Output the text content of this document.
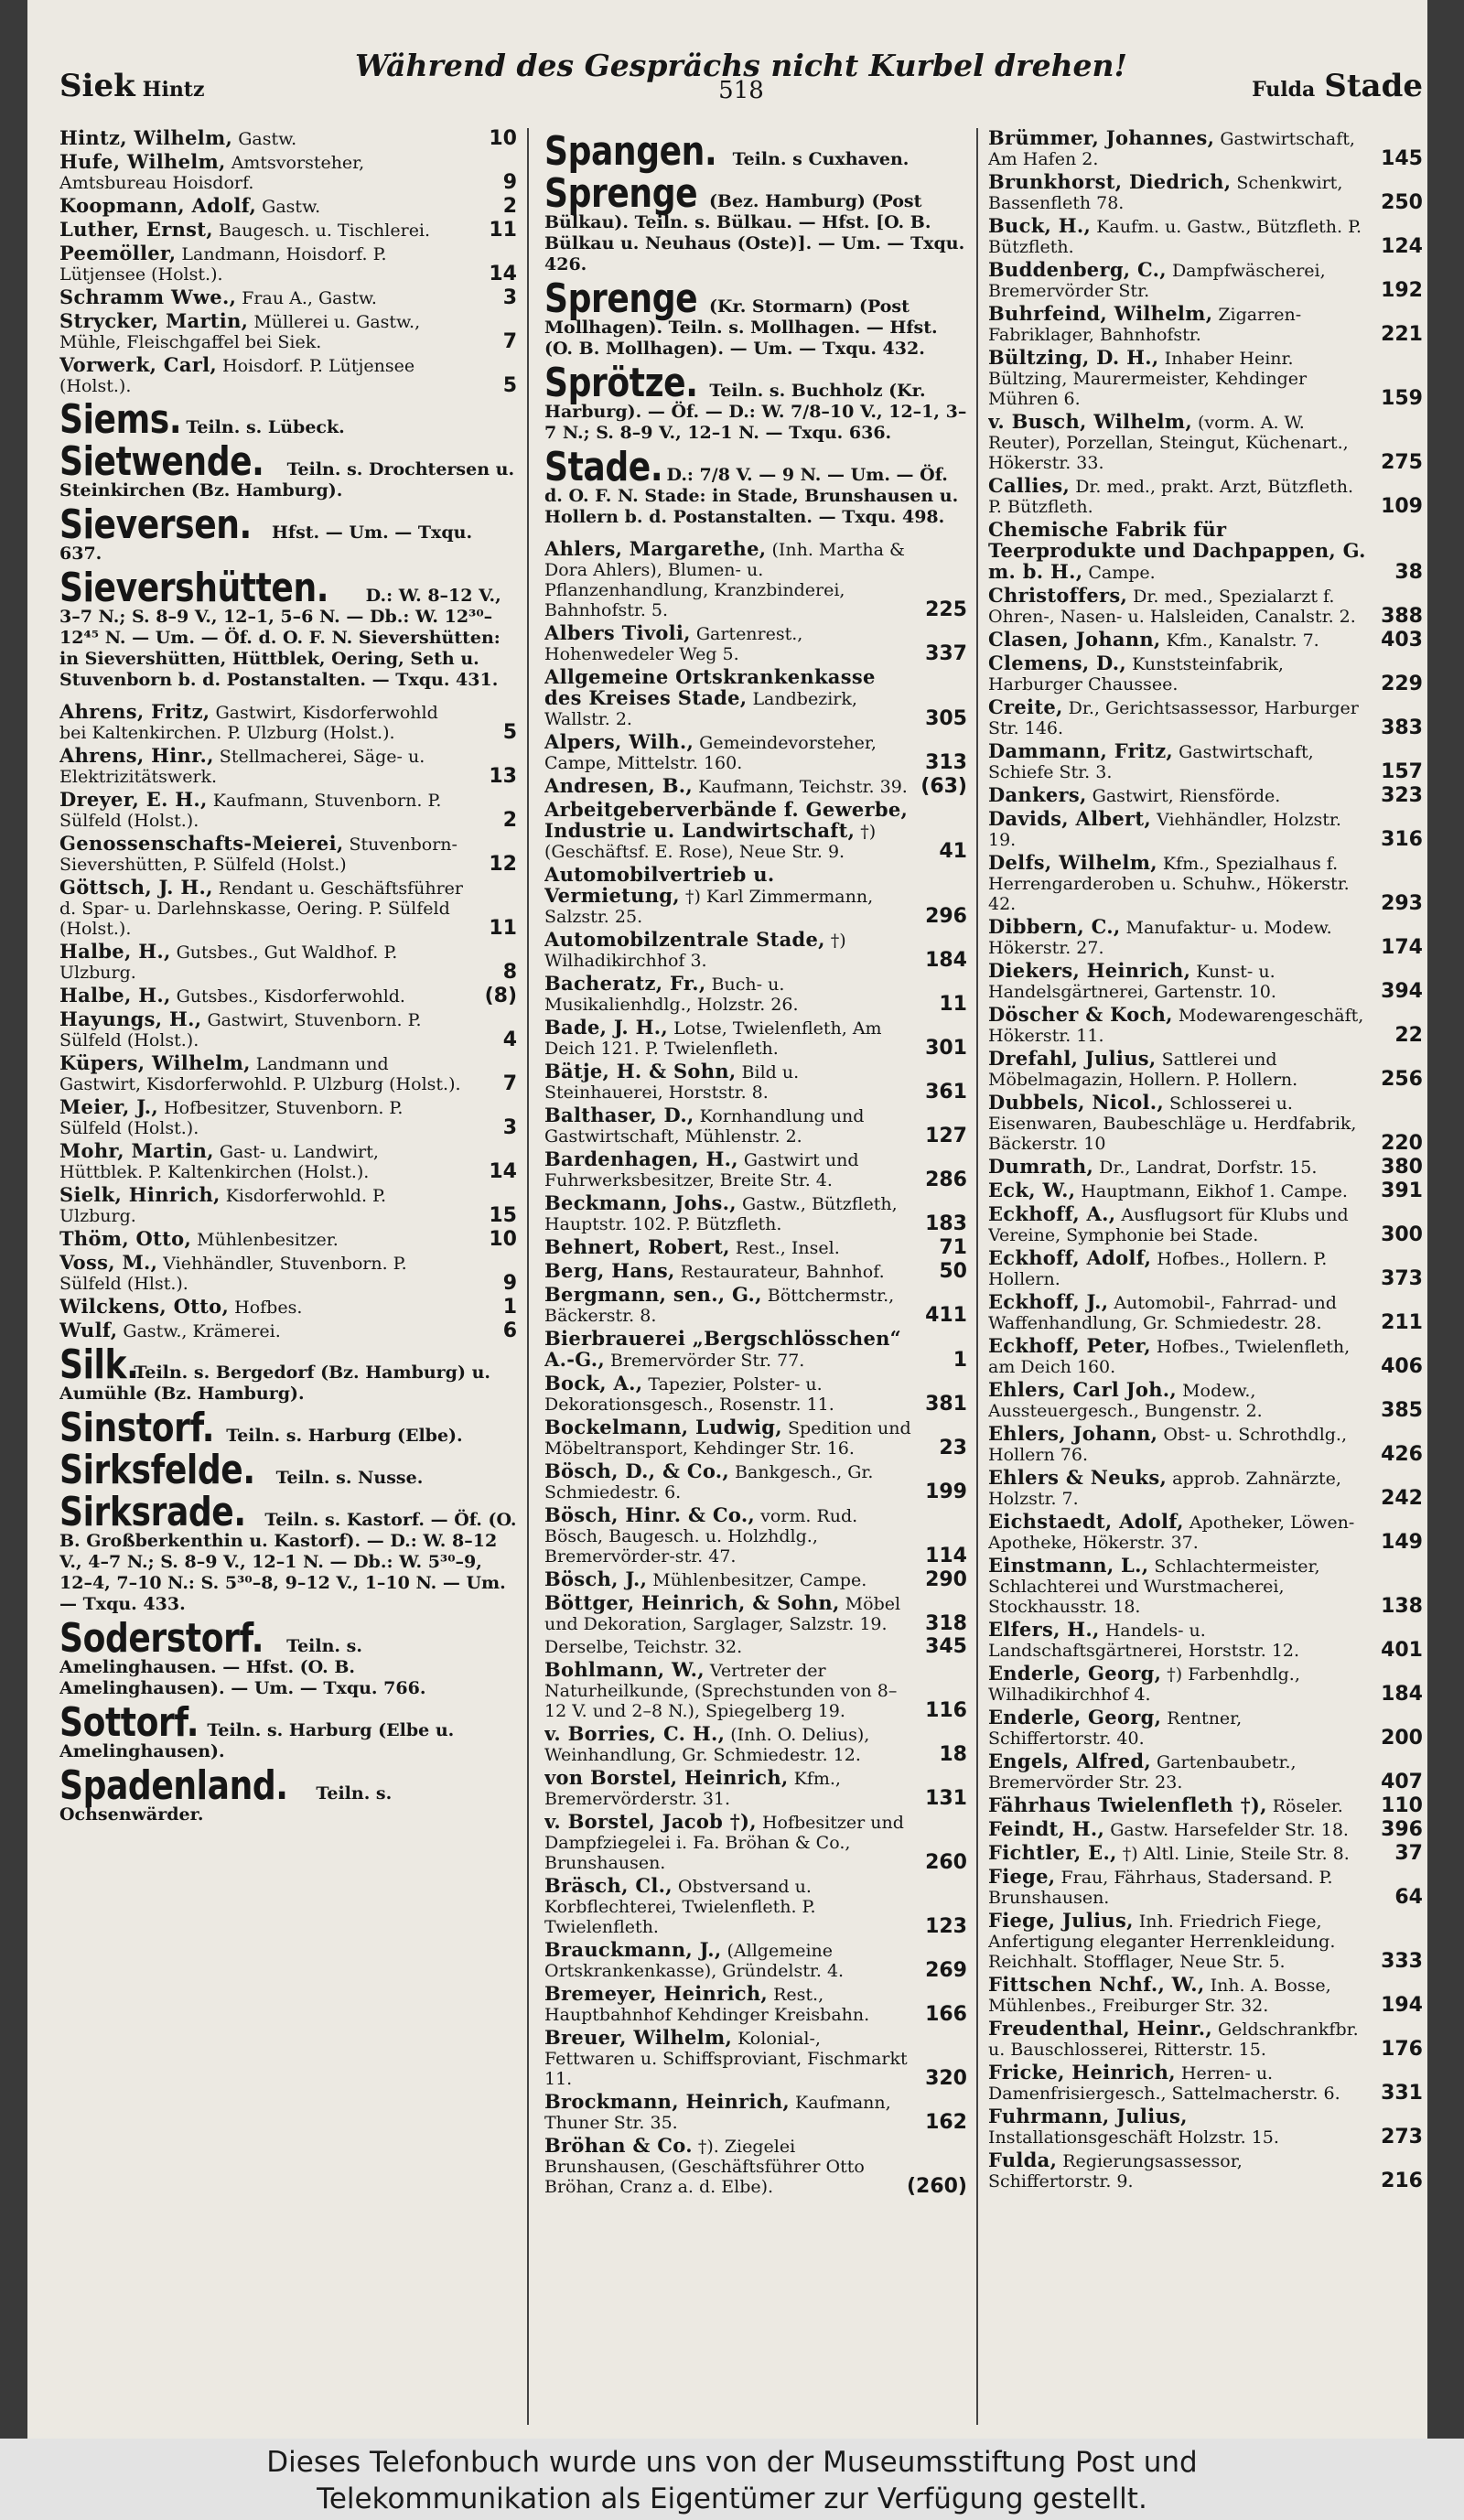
Siek Hintz
Während des Gesprächs nicht Kurbel drehen!
518	Fulda Stade
Hintz, Wilhelm, Gastw.	10
Hufe, Wilhelm, Amtsvorsteher, Amtsbureau Hoisdorf.	9
Koopmann, Adolf, Gastw.	2
Luther, Ernst, Baugesch. u. Tischlerei.	11
Peemöller, Landmann, Hoisdorf. P. Lütjensee (Holst.).	14
Schramm Wwe., Frau A., Gastw.	3
Strycker, Martin, Müllerei u. Gastw., Mühle, Fleischgaffel bei Siek.	7
Vorwerk, Carl, Hoisdorf. P. Lütjensee (Holst.).	5
Siems. Teiln. s. Lübeck.
Sietwende. Teiln. s. Drochtersen u. Steinkirchen (Bz. Hamburg).
Sieversen. Hfst. — Um. — Txqu. 637.
Sievershütten. D.: W. 8–12 V., 3–7 N.; S. 8–9 V., 12–1, 5–6 N. — Db.: W. 12³⁰–12⁴⁵ N. — Um. — Öf. d. O. F. N. Sievershütten: in Sievershütten, Hüttblek, Oering, Seth u. Stuvenborn b. d. Postanstalten. — Txqu. 431.
Ahrens, Fritz, Gastwirt, Kisdorferwohld bei Kaltenkirchen. P. Ulzburg (Holst.).	5
Ahrens, Hinr., Stellmacherei, Säge- u. Elektrizitätswerk.	13
Dreyer, E. H., Kaufmann, Stuvenborn. P. Sülfeld (Holst.).	2
Genossenschafts-Meierei, Stuvenborn-Sievershütten, P. Sülfeld (Holst.)	12
Göttsch, J. H., Rendant u. Geschäftsführer d. Spar- u. Darlehnskasse, Oering. P. Sülfeld (Holst.).	11
Halbe, H., Gutsbes., Gut Waldhof. P. Ulzburg.	8
Halbe, H., Gutsbes., Kisdorferwohld.	(8)
Hayungs, H., Gastwirt, Stuvenborn. P. Sülfeld (Holst.).	4
Küpers, Wilhelm, Landmann und Gastwirt, Kisdorferwohld. P. Ulzburg (Holst.). 7
Meier, J., Hofbesitzer, Stuvenborn. P. Sülfeld (Holst.).	3
Mohr, Martin, Gast- u. Landwirt, Hüttblek. P. Kaltenkirchen (Holst.).	14
Sielk, Hinrich, Kisdorferwohld. P. Ulzburg.	15
Thöm, Otto, Mühlenbesitzer.	10
Voss, M., Viehhändler, Stuvenborn. P. Sülfeld (Hlst.).	9
Wilckens, Otto, Hofbes.	1
Wulf, Gastw., Krämerei.	6
Silk. Teiln. s. Bergedorf (Bz. Hamburg) u. Aumühle (Bz. Hamburg).
Sinstorf. Teiln. s. Harburg (Elbe).
Sirksfelde. Teiln. s. Nusse.
Sirksrade. Teiln. s. Kastorf. — Öf. (O. B. Großberkenthin u. Kastorf). — D.: W. 8–12 V., 4–7 N.; S. 8–9 V., 12–1 N. — Db.: W. 5³⁰–9, 12–4, 7–10 N.: S. 5³⁰–8, 9–12 V., 1–10 N. — Um. — Txqu. 433.
Soderstorf. Teiln. s. Amelinghausen. — Hfst. (O. B. Amelinghausen). — Um. — Txqu. 766.
Sottorf. Teiln. s. Harburg (Elbe u. Amelinghausen).
Spadenland. Teiln. s. Ochsenwärder.
Spangen. Teiln. s Cuxhaven.
Sprenge (Bez. Hamburg) (Post Bülkau). Teiln. s. Bülkau. — Hfst. [O. B. Bülkau u. Neuhaus (Oste)]. — Um. — Txqu. 426.
Sprenge (Kr. Stormarn) (Post Mollhagen). Teiln. s. Mollhagen. — Hfst. (O. B. Mollhagen). — Um. — Txqu. 432.
Sprötze. Teiln. s. Buchholz (Kr. Harburg). — Öf. — D.: W. 7/8–10 V., 12–1, 3–7 N.; S. 8–9 V., 12–1 N. — Txqu. 636.
Stade. D.: 7/8 V. — 9 N. — Um. — Öf. d. O. F. N. Stade: in Stade, Brunshausen u. Hollern b. d. Postanstalten. — Txqu. 498.
Ahlers, Margarethe, (Inh. Martha & Dora Ahlers), Blumen- u. Pflanzenhandlung, Kranzbinderei, Bahnhofstr. 5.	225
Albers Tivoli, Gartenrest., Hohenwedeler Weg 5.	337
Allgemeine Ortskrankenkasse des Kreises Stade, Landbezirk, Wallstr. 2.	305
Alpers, Wilh., Gemeindevorsteher, Campe, Mittelstr. 160.	313
Andresen, B., Kaufmann, Teichstr. 39. (63)
Arbeitgeberverbände f. Gewerbe, Industrie u. Landwirtschaft, †) (Geschäftsf. E. Rose), Neue Str. 9.	41
Automobilvertrieb u. Vermietung, †) Karl Zimmermann, Salzstr. 25.	296
Automobilzentrale Stade, †) Wilhadikirchhof 3.	184
Bacheratz, Fr., Buch- u. Musikalienhdlg., Holzstr. 26.	11
Bade, J. H., Lotse, Twielenfleth, Am Deich 121. P. Twielenfleth.	301
Bätje, H. & Sohn, Bild u. Steinhauerei, Horststr. 8.	361
Balthaser, D., Kornhandlung und Gastwirtschaft, Mühlenstr. 2.	127
Bardenhagen, H., Gastwirt und Fuhrwerksbesitzer, Breite Str. 4.	286
Beckmann, Johs., Gastw., Bützfleth, Hauptstr. 102. P. Bützfleth.	183
Behnert, Robert, Rest., Insel.	71
Berg, Hans, Restaurateur, Bahnhof.	50
Bergmann, sen., G., Böttchermstr., Bäckerstr. 8.	411
Bierbrauerei „Bergschlösschen“ A.-G., Bremervörder Str. 77.	1
Bock, A., Tapezier, Polster- u. Dekorationsgesch., Rosenstr. 11.	381
Bockelmann, Ludwig, Spedition und Möbeltransport, Kehdinger Str. 16.	23
Bösch, D., & Co., Bankgesch., Gr. Schmiedestr. 6.	199
Bösch, Hinr. & Co., vorm. Rud. Bösch, Baugesch. u. Holzhdlg., Bremervörder-str. 47.	114
Bösch, J., Mühlenbesitzer, Campe.	290
Böttger, Heinrich, & Sohn, Möbel und Dekoration, Sarglager, Salzstr. 19. 318
Derselbe, Teichstr. 32.	345
Bohlmann, W., Vertreter der Naturheilkunde, (Sprechstunden von 8–12 V. und 2–8 N.), Spiegelberg 19.	116
v. Borries, C. H., (Inh. O. Delius), Weinhandlung, Gr. Schmiedestr. 12.	18
von Borstel, Heinrich, Kfm., Bremervörderstr. 31.	131
v. Borstel, Jacob †), Hofbesitzer und Dampfziegelei i. Fa. Bröhan & Co., Brunshausen.	260
Bräsch, Cl., Obstversand u. Korbflechterei, Twielenfleth. P. Twielenfleth.	123
Brauckmann, J., (Allgemeine Ortskrankenkasse), Gründelstr. 4.	269
Bremeyer, Heinrich, Rest., Hauptbahnhof Kehdinger Kreisbahn.	166
Breuer, Wilhelm, Kolonial-, Fettwaren u. Schiffsproviant, Fischmarkt 11.	320
Brockmann, Heinrich, Kaufmann, Thuner Str. 35.	162
Bröhan & Co. †). Ziegelei Brunshausen, (Geschäftsführer Otto Bröhan, Cranz a. d. Elbe).	(260)
Brümmer, Johannes, Gastwirtschaft, Am Hafen 2.	145
Brunkhorst, Diedrich, Schenkwirt, Bassenfleth 78.	250
Buck, H., Kaufm. u. Gastw., Bützfleth. P. Bützfleth.	124
Buddenberg, C., Dampfwäscherei, Bremervörder Str.	192
Buhrfeind, Wilhelm, Zigarren-Fabriklager, Bahnhofstr.	221
Bültzing, D. H., Inhaber Heinr. Bültzing, Maurermeister, Kehdinger Mühren 6.	159
v. Busch, Wilhelm, (vorm. A. W. Reuter), Porzellan, Steingut, Küchenart., Hökerstr. 33.	275
Callies, Dr. med., prakt. Arzt, Bützfleth. P. Bützfleth.	109
Chemische Fabrik für Teerprodukte und Dachpappen, G. m. b. H., Campe.	38
Christoffers, Dr. med., Spezialarzt f. Ohren-, Nasen- u. Halsleiden, Canalstr. 2. 388
Clasen, Johann, Kfm., Kanalstr. 7.	403
Clemens, D., Kunststeinfabrik, Harburger Chaussee.	229
Creite, Dr., Gerichtsassessor, Harburger Str. 146.	383
Dammann, Fritz, Gastwirtschaft, Schiefe Str. 3.	157
Dankers, Gastwirt, Riensförde.	323
Davids, Albert, Viehhändler, Holzstr. 19.	316
Delfs, Wilhelm, Kfm., Spezialhaus f. Herrengarderoben u. Schuhw., Hökerstr. 42.	293
Dibbern, C., Manufaktur- u. Modew. Hökerstr. 27.	174
Diekers, Heinrich, Kunst- u. Handelsgärtnerei, Gartenstr. 10.	394
Döscher & Koch, Modewarengeschäft, Hökerstr. 11.	22
Drefahl, Julius, Sattlerei und Möbelmagazin, Hollern. P. Hollern.	256
Dubbels, Nicol., Schlosserei u. Eisenwaren, Baubeschläge u. Herdfabrik, Bäckerstr. 10	220
Dumrath, Dr., Landrat, Dorfstr. 15.	380
Eck, W., Hauptmann, Eikhof 1. Campe. 391
Eckhoff, A., Ausflugsort für Klubs und Vereine, Symphonie bei Stade.	300
Eckhoff, Adolf, Hofbes., Hollern. P. Hollern.	373
Eckhoff, J., Automobil-, Fahrrad- und Waffenhandlung, Gr. Schmiedestr. 28.	211
Eckhoff, Peter, Hofbes., Twielenfleth, am Deich 160.	406
Ehlers, Carl Joh., Modew., Aussteuergesch., Bungenstr. 2.	385
Ehlers, Johann, Obst- u. Schrothdlg., Hollern 76.	426
Ehlers & Neuks, approb. Zahnärzte, Holzstr. 7.	242
Eichstaedt, Adolf, Apotheker, Löwen-Apotheke, Hökerstr. 37.	149
Einstmann, L., Schlachtermeister, Schlachterei und Wurstmacherei, Stockhausstr. 18.	138
Elfers, H., Handels- u. Landschaftsgärtnerei, Horststr. 12.	401
Enderle, Georg, †) Farbenhdlg., Wilhadikirchhof 4.	184
Enderle, Georg, Rentner, Schiffertorstr. 40.	200
Engels, Alfred, Gartenbaubetr., Bremervörder Str. 23.	407
Fährhaus Twielenfleth †), Röseler. 110
Feindt, H., Gastw. Harsefelder Str. 18. 396
Fichtler, E., †) Altl. Linie, Steile Str. 8. 37
Fiege, Frau, Fährhaus, Stadersand. P. Brunshausen.	64
Fiege, Julius, Inh. Friedrich Fiege, Anfertigung eleganter Herrenkleidung. Reichhalt. Stofflager, Neue Str. 5.	333
Fittschen Nchf., W., Inh. A. Bosse, Mühlenbes., Freiburger Str. 32.	194
Freudenthal, Heinr., Geldschrankfbr. u. Bauschlosserei, Ritterstr. 15.	176
Fricke, Heinrich, Herren- u. Damenfrisiergesch., Sattelmacherstr. 6. 331
Fuhrmann, Julius, Installationsgeschäft Holzstr. 15.	273
Fulda, Regierungsassessor, Schiffertorstr. 9.	216
Dieses Telefonbuch wurde uns von der Museumsstiftung Post und
Telekommunikation als Eigentümer zur Verfügung gestellt.
